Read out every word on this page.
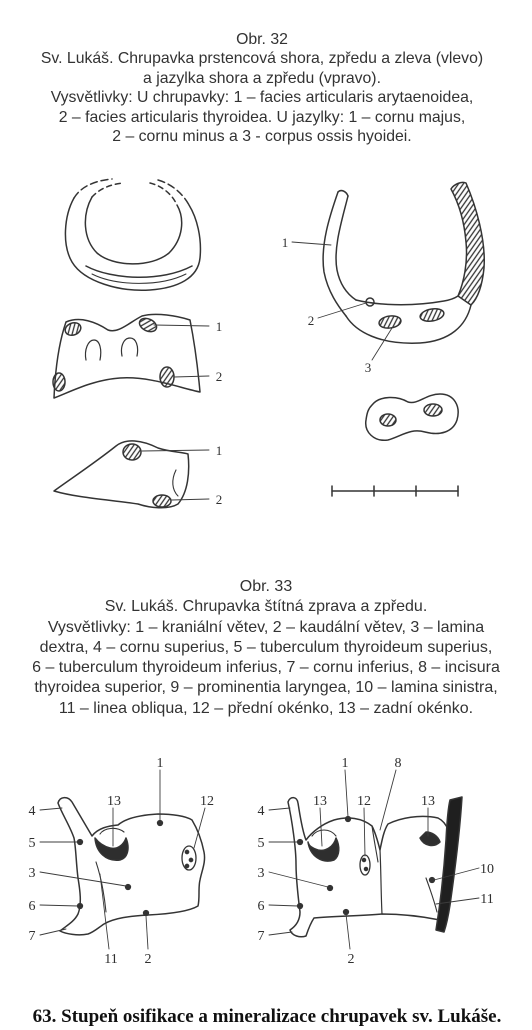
Obr. 32
Sv. Lukáš. Chrupavka prstencová shora, zpředu a zleva (vlevo)
a jazylka shora a zpředu (vpravo).
Vysvětlivky: U chrupavky: 1 – facies articularis arytaenoidea,
2 – facies articularis thyroidea. U jazylky: 1 – cornu majus,
2 – cornu minus a 3 - corpus ossis hyoidei.
Obr. 33
Sv. Lukáš. Chrupavka štítná zprava a zpředu.
Vysvětlivky: 1 – kraniální větev, 2 – kaudální větev, 3 – lamina
dextra, 4 – cornu superius, 5 – tuberculum thyroideum superius,
6 – tuberculum thyroideum inferius, 7 – cornu inferius, 8 – incisura
thyroidea superior, 9 – prominentia laryngea, 10 – lamina sinistra,
11 – linea obliqua, 12 – přední okénko, 13 – zadní okénko.
1
2
1
2
1
2
3
1
13	12
4
5
3
6
7
11 2
1	8
13 12	13
4
5
10
3
11
6
7
2
63. Stupeň osifikace a mineralizace chrupavek sv. Lukáše.
